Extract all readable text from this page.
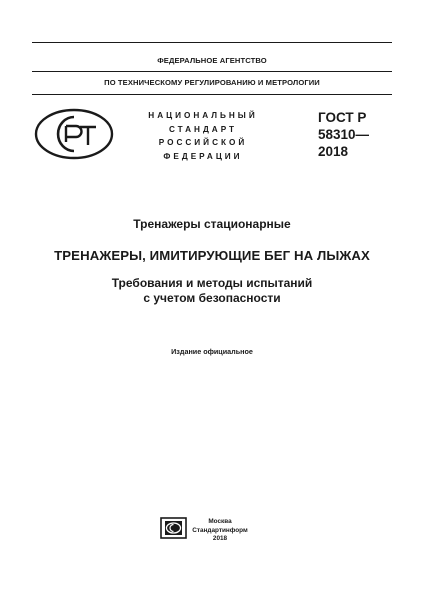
ФЕДЕРАЛЬНОЕ АГЕНТСТВО
ПО ТЕХНИЧЕСКОМУ РЕГУЛИРОВАНИЮ И МЕТРОЛОГИИ
НАЦИОНАЛЬНЫЙ
СТАНДАРТ
РОССИЙСКОЙ
ФЕДЕРАЦИИ
ГОСТ Р
58310—
2018
Тренажеры стационарные
ТРЕНАЖЕРЫ, ИМИТИРУЮЩИЕ БЕГ НА ЛЫЖАХ
Требования и методы испытаний
с учетом безопасности
Издание официальное
Москва
Стандартинформ
2018
